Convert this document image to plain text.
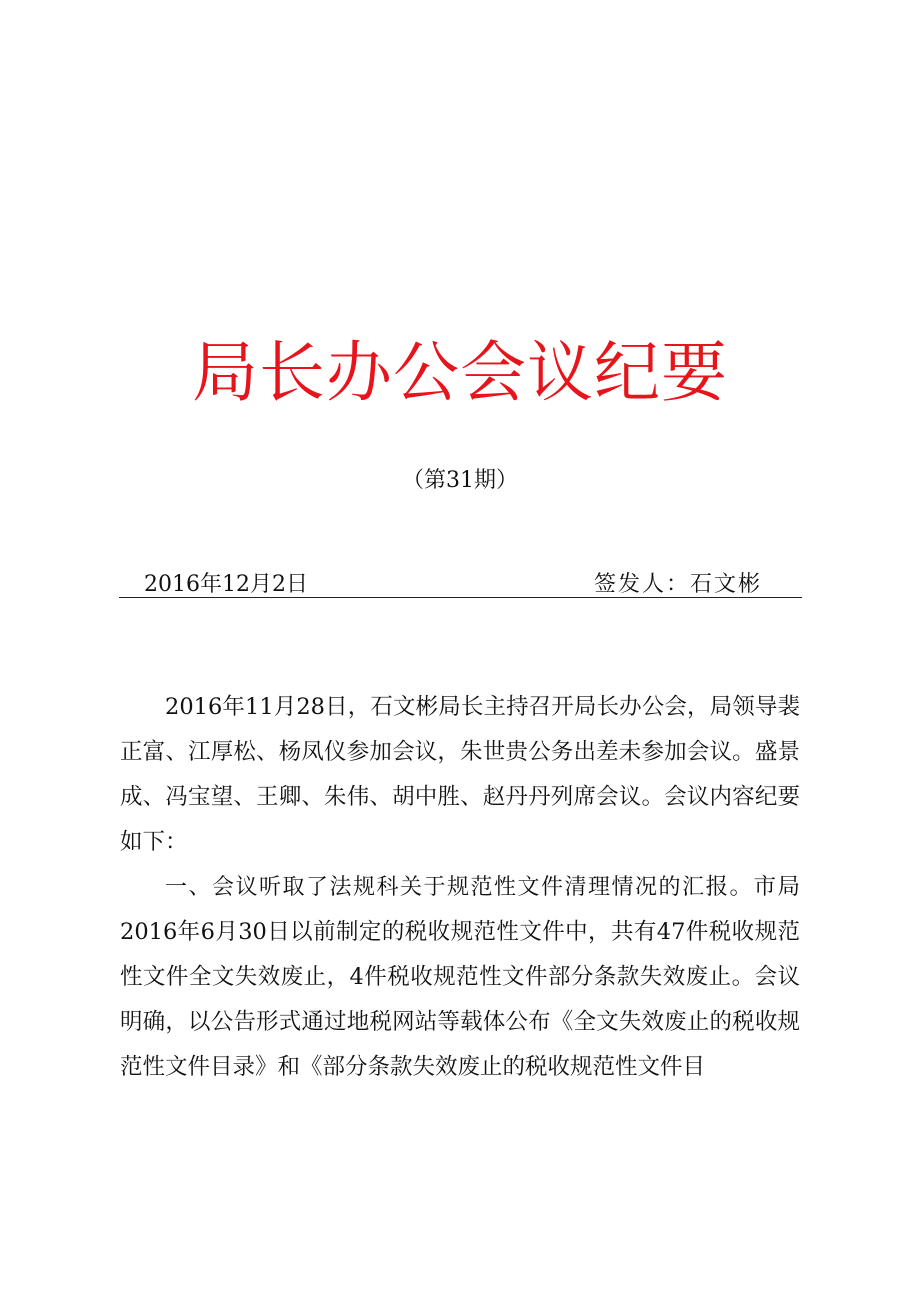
局长办公会议纪要
（第31期）
2016年12月2日	签发人：石文彬

2016年11月28日，石文彬局长主持召开局长办公会，局领导裴正富、江厚松、杨凤仪参加会议，朱世贵公务出差未参加会议。盛景成、冯宝望、王卿、朱伟、胡中胜、赵丹丹列席会议。会议内容纪要如下：

一、会议听取了法规科关于规范性文件清理情况的汇报。市局2016年6月30日以前制定的税收规范性文件中，共有47件税收规范性文件全文失效废止，4件税收规范性文件部分条款失效废止。会议明确，以公告形式通过地税网站等载体公布《全文失效废止的税收规范性文件目录》和《部分条款失效废止的税收规范性文件目
